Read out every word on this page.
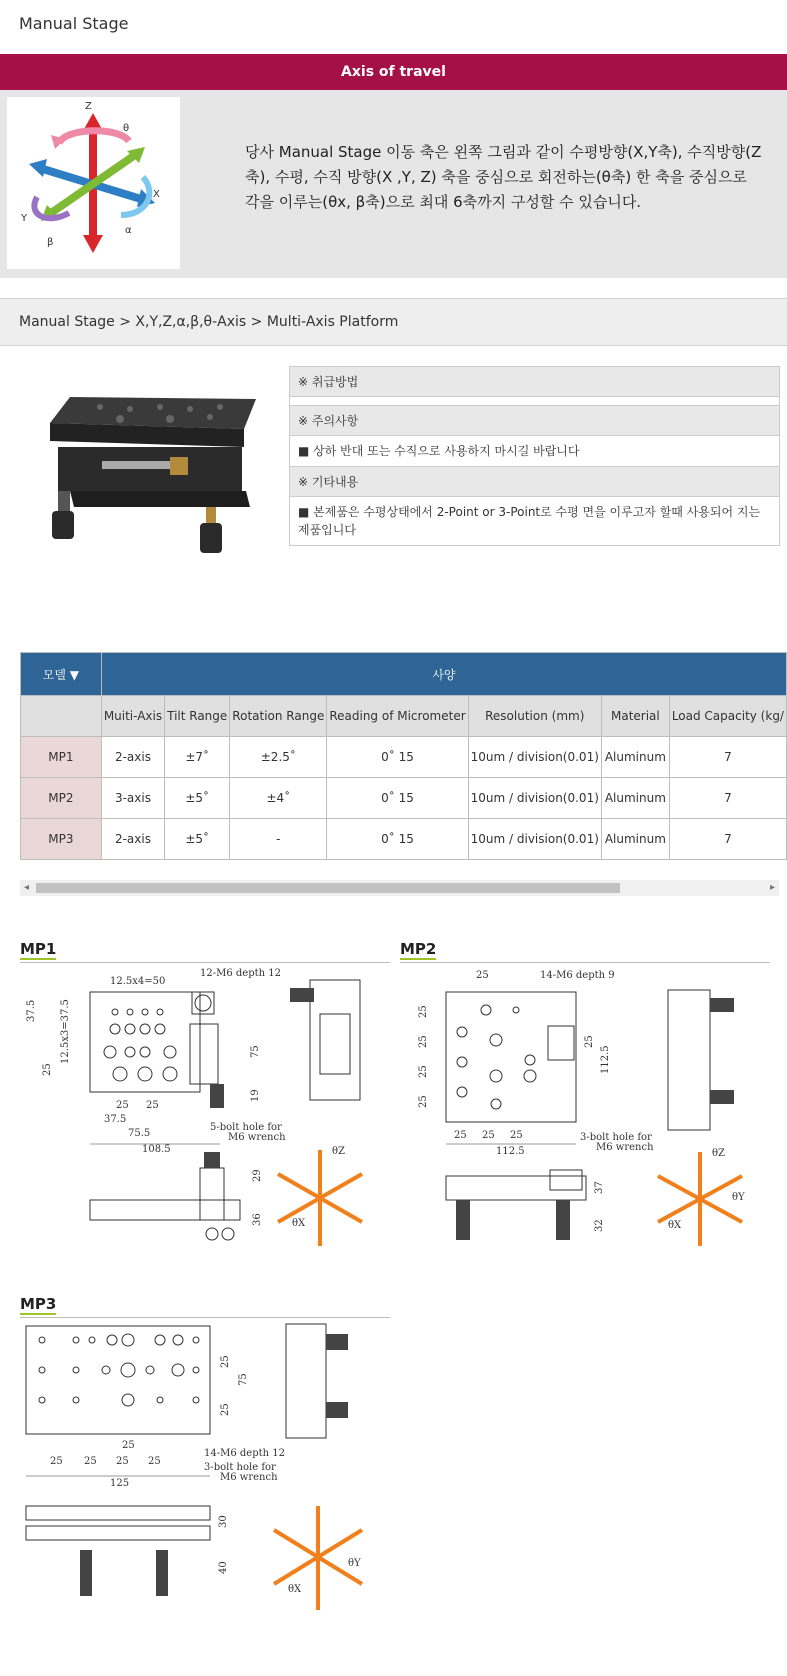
Manual Stage
Axis of travel
Z
θ
X
Y
α
β
당사 Manual Stage 이동 축은 왼쪽 그림과 같이 수평방향(X,Y축), 수직방향(Z축), 수평, 수직 방향(X ,Y, Z) 축을 중심으로 회전하는(θ축) 한 축을 중심으로 각을 이루는(θx, β축)으로 최대 6축까지 구성할 수 있습니다.
Manual Stage > X,Y,Z,α,β,θ-Axis > Multi-Axis Platform
※ 취급방법
※ 주의사항
■ 상하 반대 또는 수직으로 사용하지 마시길 바랍니다
※ 기타내용
■ 본제품은 수평상태에서 2-Point or 3-Point로 수평 면을 이루고자 할때 사용되어 지는 제품입니다
모델 ▼	사양						
	Muiti-Axis	Tilt Range	Rotation Range	Reading of Micrometer	Resolution (mm)	Material	Load Capacity (kg/
MP1	2-axis	±7˚	±2.5˚	0˚ 15	10um / division(0.01)	Aluminum	7
MP2	3-axis	±5˚	±4˚	0˚ 15	10um / division(0.01)	Aluminum	7
MP3	2-axis	±5˚	-	0˚ 15	10um / division(0.01)	Aluminum	7
◂	▸
MP1
12.5x4=50
12-M6 depth 12
37.5 12.5x3=37.5
25
75
19
25 25
37.5
75.5
5-bolt hole for
M6 wrench
108.5
29
36
θZ
θX
MP2
25	14-M6 depth 9
25
25
25
25
25
112.5
25 25 25	3-bolt hole for
M6 wrench
112.5
37
32
θZ
θY
θX
MP3
25
75
25
25
25 25 25 25
14-M6 depth 12
3-bolt hole for
M6 wrench
125
30
40	θY
θX
